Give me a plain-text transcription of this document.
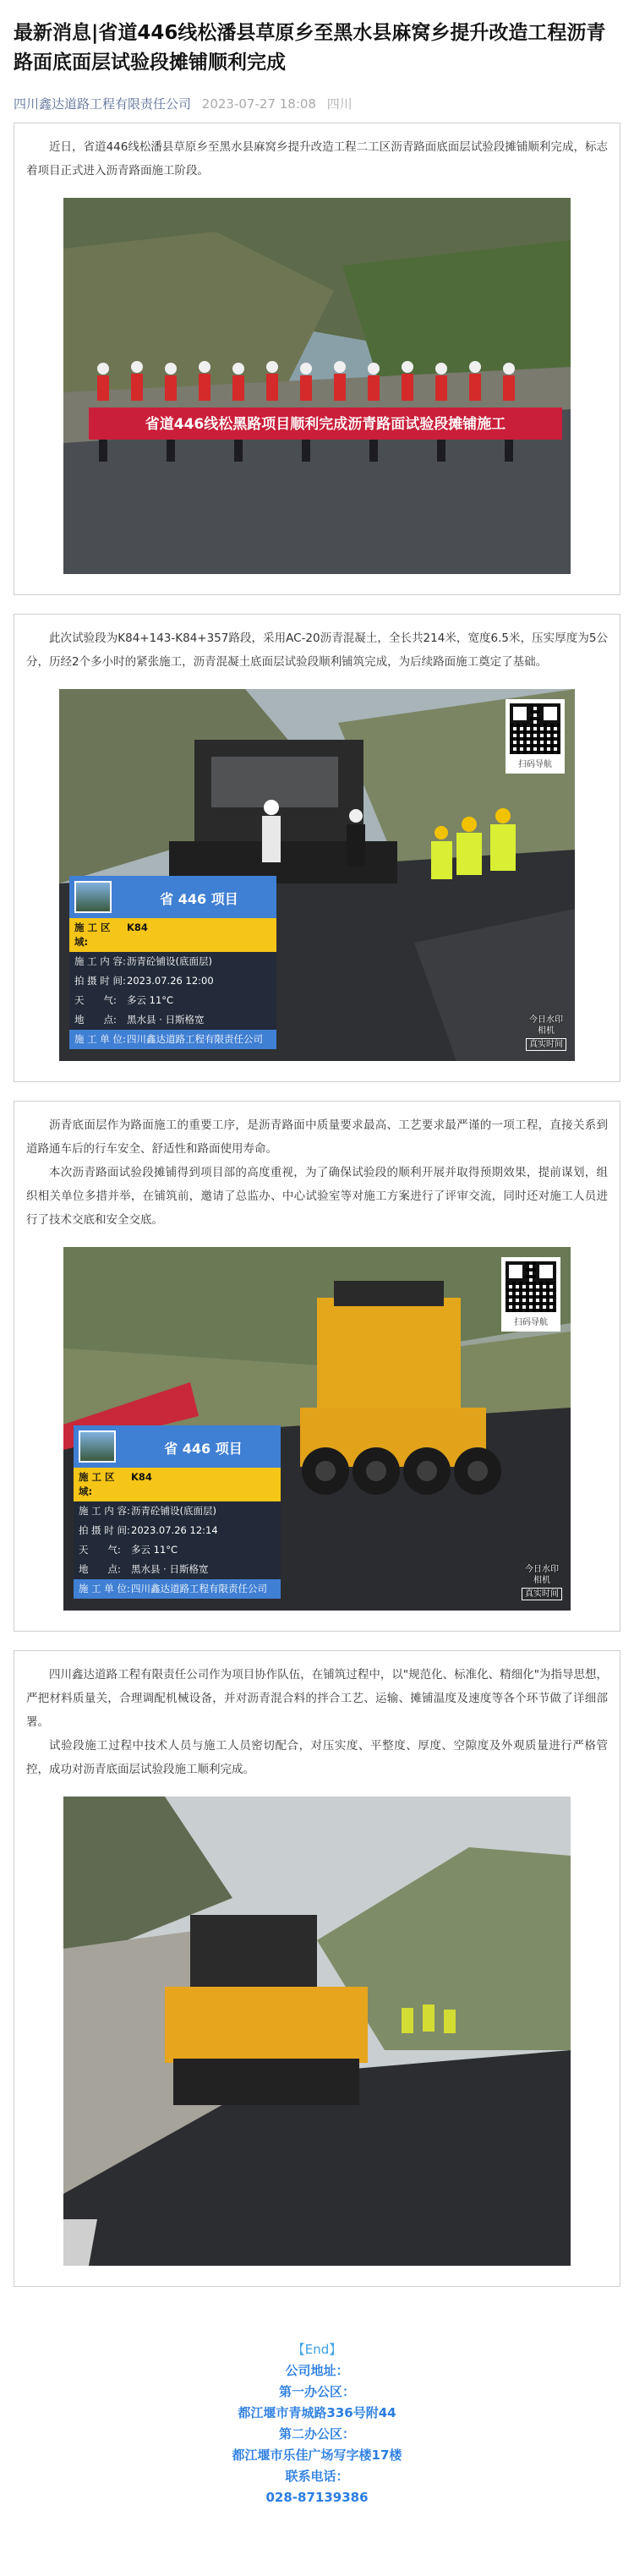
最新消息|省道446线松潘县草原乡至黑水县麻窝乡提升改造工程沥青路面底面层试验段摊铺顺利完成
四川鑫达道路工程有限责任公司 2023-07-27 18:08 四川

近日，省道446线松潘县草原乡至黑水县麻窝乡提升改造工程二工区沥青路面底面层试验段摊铺顺利完成，标志着项目正式进入沥青路面施工阶段。

省道446线松黑路项目顺利完成沥青路面试验段摊铺施工

此次试验段为K84+143-K84+357路段，采用AC-20沥青混凝土，全长共214米，宽度6.5米，压实厚度为5公分，历经2个多小时的紧张施工，沥青混凝土底面层试验段顺利铺筑完成，为后续路面施工奠定了基础。

扫码导航
省 446 项目
施 工 区 域:
K84
施 工 内 容: 沥青砼铺设(底面层)
拍 摄 时 间: 2023.07.26 12:00
天　　气:	多云 11°C
地　　点:	黑水县 · 日斯格宽
施 工 单 位: 四川鑫达道路工程有限责任公司
今日水印
相机
真实时间

沥青底面层作为路面施工的重要工序，是沥青路面中质量要求最高、工艺要求最严谨的一项工程，直接关系到道路通车后的行车安全、舒适性和路面使用寿命。

本次沥青路面试验段摊铺得到项目部的高度重视，为了确保试验段的顺利开展并取得预期效果，提前谋划，组织相关单位多措并举，在铺筑前，邀请了总监办、中心试验室等对施工方案进行了评审交流，同时还对施工人员进行了技术交底和安全交底。

扫码导航
省 446 项目
施 工 区 域:
K84
施 工 内 容: 沥青砼铺设(底面层)
拍 摄 时 间: 2023.07.26 12:14
天　　气:	多云 11°C
地　　点:	黑水县 · 日斯格宽
施 工 单 位: 四川鑫达道路工程有限责任公司
今日水印
相机
真实时间

四川鑫达道路工程有限责任公司作为项目协作队伍，在铺筑过程中，以"规范化、标准化、精细化"为指导思想，严把材料质量关，合理调配机械设备，并对沥青混合料的拌合工艺、运输、摊铺温度及速度等各个环节做了详细部署。

试验段施工过程中技术人员与施工人员密切配合，对压实度、平整度、厚度、空隙度及外观质量进行严格管控，成功对沥青底面层试验段施工顺利完成。

【End】
公司地址：
第一办公区：
都江堰市青城路336号附44
第二办公区：
都江堰市乐佳广场写字楼17楼
联系电话：
028-87139386
